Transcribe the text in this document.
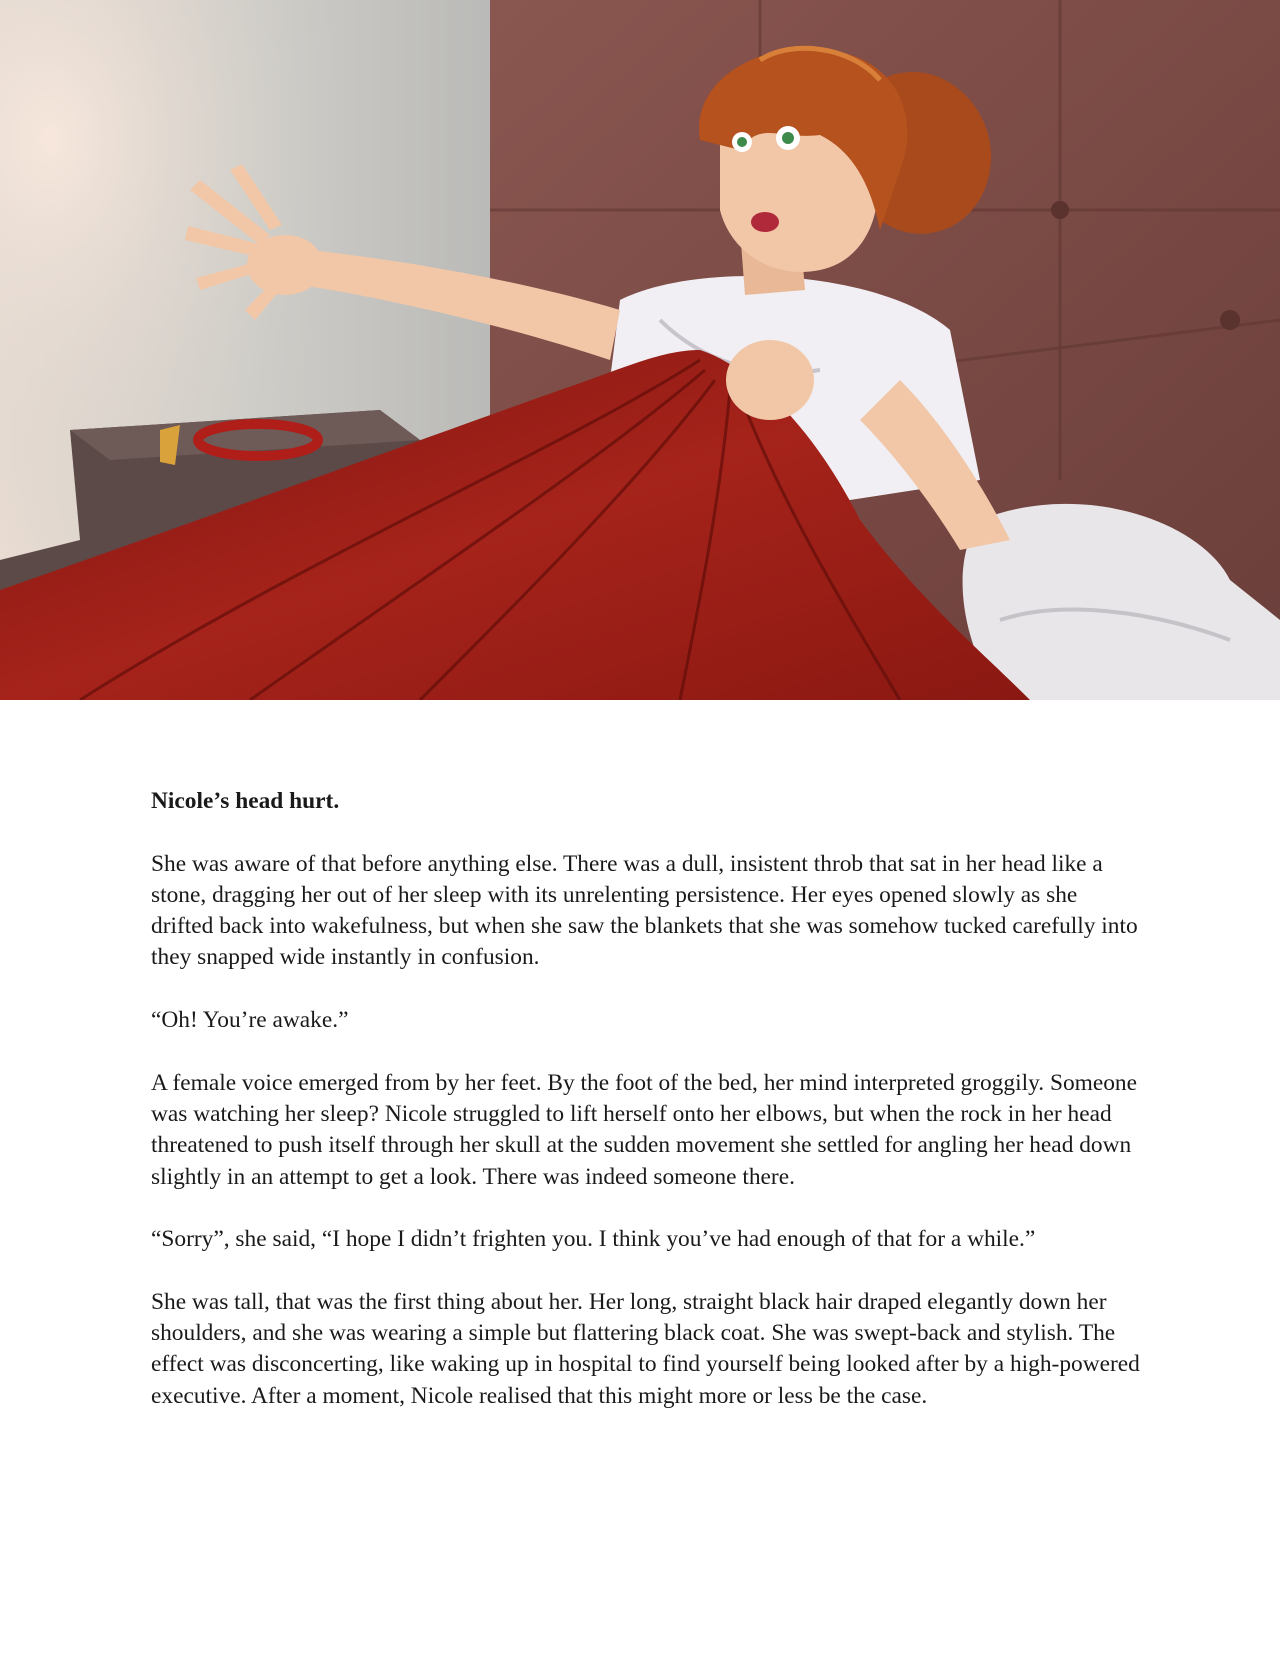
Nicole’s head hurt.

She was aware of that before anything else. There was a dull, insistent throb that sat in her head like a stone, dragging her out of her sleep with its unrelenting persistence. Her eyes opened slowly as she drifted back into wakefulness, but when she saw the blankets that she was somehow tucked carefully into they snapped wide instantly in confusion.

“Oh! You’re awake.”

A female voice emerged from by her feet. By the foot of the bed, her mind interpreted groggily. Someone was watching her sleep? Nicole struggled to lift herself onto her elbows, but when the rock in her head threatened to push itself through her skull at the sudden movement she settled for angling her head down slightly in an attempt to get a look. There was indeed someone there.

“Sorry”, she said, “I hope I didn’t frighten you. I think you’ve had enough of that for a while.”

She was tall, that was the first thing about her. Her long, straight black hair draped elegantly down her shoulders, and she was wearing a simple but flattering black coat. She was swept-back and stylish. The effect was disconcerting, like waking up in hospital to find yourself being looked after by a high-powered executive. After a moment, Nicole realised that this might more or less be the case.
